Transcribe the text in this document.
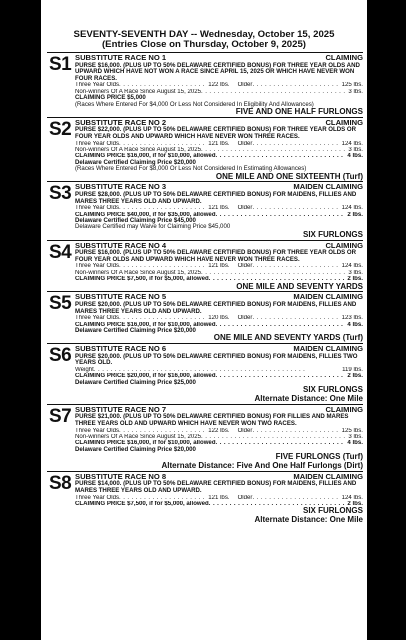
SEVENTY-SEVENTH DAY -- Wednesday, October 15, 2025
(Entries Close on Thursday, October 9, 2025)
S1 SUBSTITUTE RACE NO 1	CLAIMING
PURSE $16,000. (PLUS UP TO 50% DELAWARE CERTIFIED BONUS) FOR THREE YEAR OLDS AND UPWARD WHICH HAVE NOT WON A RACE SINCE APRIL 15, 2025 OR WHICH HAVE NEVER WON FOUR RACES.
Three Year Olds . . .	122 lbs. Older . . .	125 lbs.
Non-winners Of A Race Since August 15, 2025 . . .	3 lbs.
CLAIMING PRICE $5,000
(Races Where Entered For $4,000 Or Less Not Considered In Eligibility And Allowances)
FIVE AND ONE HALF FURLONGS
S2 SUBSTITUTE RACE NO 2	CLAIMING
PURSE $22,000. (PLUS UP TO 50% DELAWARE CERTIFIED BONUS) FOR THREE YEAR OLDS OR FOUR YEAR OLDS AND UPWARD WHICH HAVE NEVER WON THREE RACES.
Three Year Olds . . .	121 lbs. Older . . .	124 lbs.
Non-winners Of A Race Since August 15, 2025 . . .	3 lbs.
CLAIMING PRICE $16,000, if for $10,000, allowed . . .	4 lbs.
Delaware Certified Claiming Price $20,000
(Races Where Entered For $8,000 Or Less Not Considered In Estimating Allowances)
ONE MILE AND ONE SIXTEENTH (Turf)
S3 SUBSTITUTE RACE NO 3	MAIDEN CLAIMING
PURSE $28,000. (PLUS UP TO 50% DELAWARE CERTIFIED BONUS) FOR MAIDENS, FILLIES AND MARES THREE YEARS OLD AND UPWARD.
Three Year Olds . . .	121 lbs. Older . . .	124 lbs.
CLAIMING PRICE $40,000, if for $35,000, allowed . . .	2 lbs.
Delaware Certified Claiming Price $45,000
Delaware Certified may Waive for Claiming Price $45,000
SIX FURLONGS
S4 SUBSTITUTE RACE NO 4	CLAIMING
PURSE $16,000. (PLUS UP TO 50% DELAWARE CERTIFIED BONUS) FOR THREE YEAR OLDS OR FOUR YEAR OLDS AND UPWARD WHICH HAVE NEVER WON THREE RACES.
Three Year Olds . . .	121 lbs. Older . . .	124 lbs.
Non-winners Of A Race Since August 15, 2025 . . .	3 lbs.
CLAIMING PRICE $7,500, if for $5,000, allowed . . .	2 lbs.
ONE MILE AND SEVENTY YARDS
S5 SUBSTITUTE RACE NO 5	MAIDEN CLAIMING
PURSE $20,000. (PLUS UP TO 50% DELAWARE CERTIFIED BONUS) FOR MAIDENS, FILLIES AND MARES THREE YEARS OLD AND UPWARD.
Three Year Olds . . .	120 lbs. Older . . .	123 lbs.
CLAIMING PRICE $16,000, if for $10,000, allowed . . .	4 lbs.
Delaware Certified Claiming Price $20,000
ONE MILE AND SEVENTY YARDS (Turf)
S6 SUBSTITUTE RACE NO 6	MAIDEN CLAIMING
PURSE $20,000. (PLUS UP TO 50% DELAWARE CERTIFIED BONUS) FOR MAIDENS, FILLIES TWO YEARS OLD.
Weight . . .	119 lbs.
CLAIMING PRICE $20,000, if for $16,000, allowed . . .	2 lbs.
Delaware Certified Claiming Price $25,000
SIX FURLONGS
Alternate Distance: One Mile
S7 SUBSTITUTE RACE NO 7	CLAIMING
PURSE $21,000. (PLUS UP TO 50% DELAWARE CERTIFIED BONUS) FOR FILLIES AND MARES THREE YEARS OLD AND UPWARD WHICH HAVE NEVER WON TWO RACES.
Three Year Olds . . .	122 lbs. Older . . .	125 lbs.
Non-winners Of A Race Since August 15, 2025 . . .	3 lbs.
CLAIMING PRICE $16,000, if for $10,000, allowed . . .	4 lbs.
Delaware Certified Claiming Price $20,000
FIVE FURLONGS (Turf)
Alternate Distance: Five And One Half Furlongs (Dirt)
S8 SUBSTITUTE RACE NO 8	MAIDEN CLAIMING
PURSE $14,000. (PLUS UP TO 50% DELAWARE CERTIFIED BONUS) FOR MAIDENS, FILLIES AND MARES THREE YEARS OLD AND UPWARD.
Three Year Olds . . .	121 lbs. Older . . .	124 lbs.
CLAIMING PRICE $7,500, if for $5,000, allowed . . .	2 lbs.
SIX FURLONGS
Alternate Distance: One Mile
